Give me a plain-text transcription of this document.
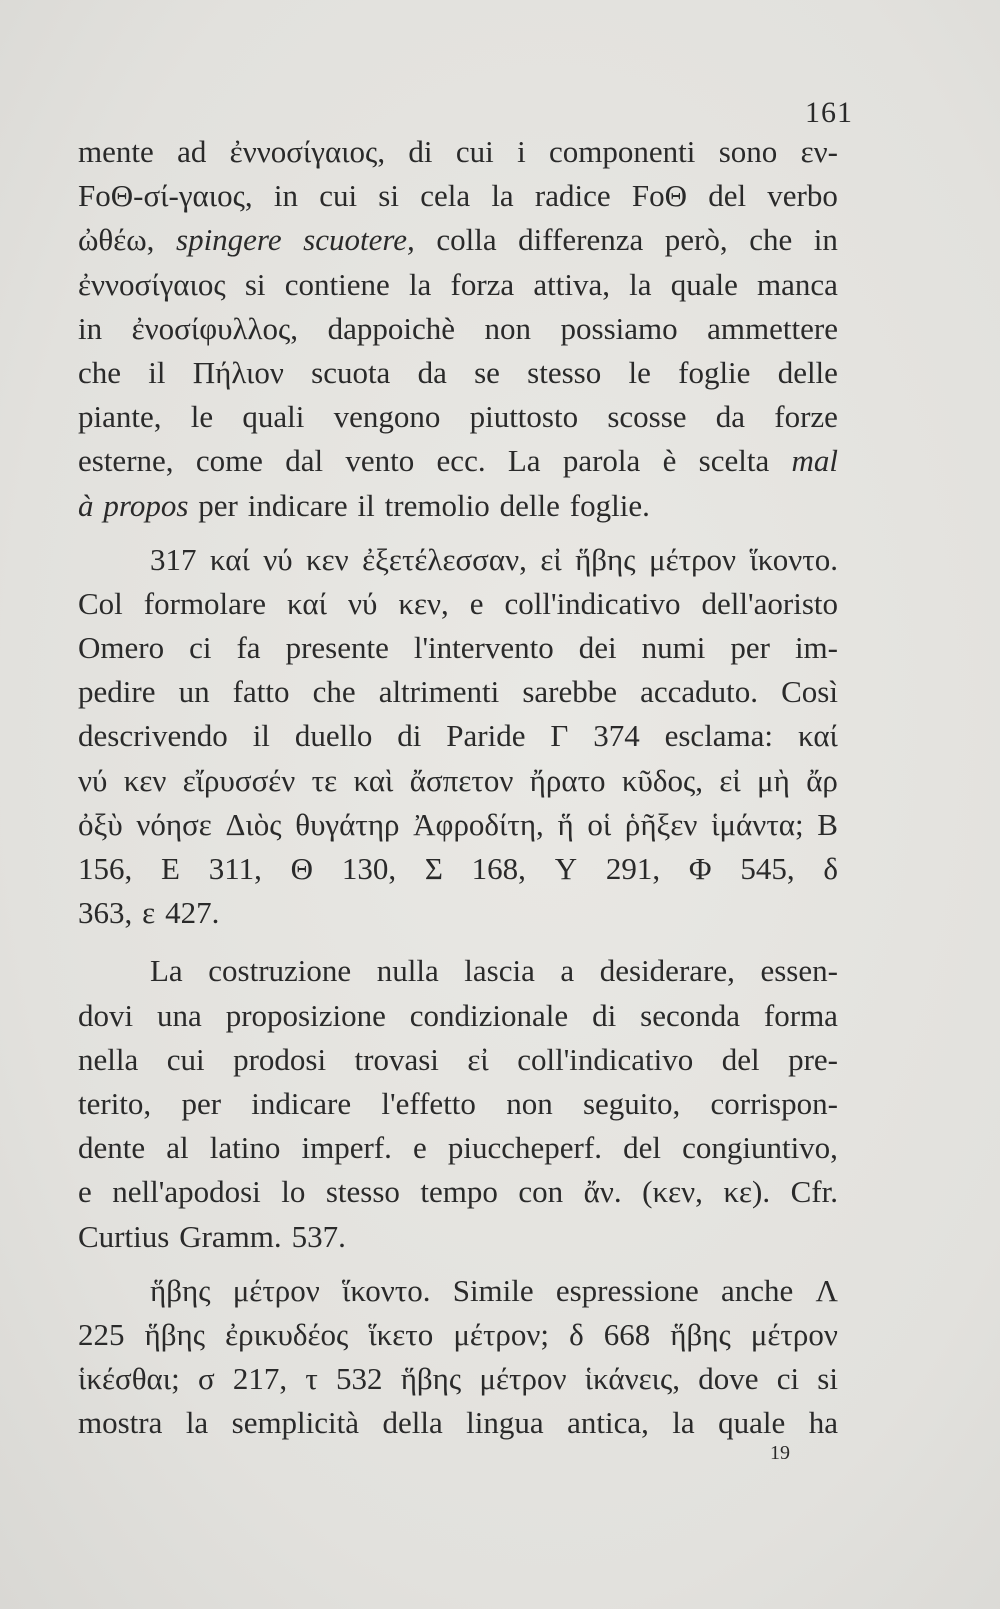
161
mente ad ἐννοσίγαιος, di cui i componenti sono εν-
FoΘ-σί-γαιος, in cui si cela la radice FoΘ del verbo
ὠθέω, spingere scuotere, colla differenza però, che in
ἐννοσίγαιος si contiene la forza attiva, la quale manca
in ἐνοσίφυλλος, dappoichè non possiamo ammettere
che il Πήλιον scuota da se stesso le foglie delle
piante, le quali vengono piuttosto scosse da forze
esterne, come dal vento ecc. La parola è scelta mal
à propos per indicare il tremolio delle foglie.
317 καί νύ κεν ἐξετέλεσσαν, εἰ ἥβης μέτρον ἵκοντο.
Col formolare καί νύ κεν, e coll'indicativo dell'aoristo
Omero ci fa presente l'intervento dei numi per im-
pedire un fatto che altrimenti sarebbe accaduto. Così
descrivendo il duello di Paride Γ 374 esclama: καί
νύ κεν εἴρυσσέν τε καὶ ἄσπετον ἤρατο κῦδος, εἰ μὴ ἄρ
ὀξὺ νόησε Διὸς θυγάτηρ Ἀφροδίτη, ἥ οἱ ῥῆξεν ἱμάντα; B
156, E 311, Θ 130, Σ 168, Υ 291, Φ 545, δ
363, ε 427.
La costruzione nulla lascia a desiderare, essen-
dovi una proposizione condizionale di seconda forma
nella cui prodosi trovasi εἰ coll'indicativo del pre-
terito, per indicare l'effetto non seguito, corrispon-
dente al latino imperf. e piuccheperf. del congiuntivo,
e nell'apodosi lo stesso tempo con ἄν. (κεν, κε). Cfr.
Curtius Gramm. 537.
ἥβης μέτρον ἵκοντο. Simile espressione anche Λ
225 ἥβης ἐρικυδέος ἵκετο μέτρον; δ 668 ἥβης μέτρον
ἱκέσθαι; σ 217, τ 532 ἥβης μέτρον ἱκάνεις, dove ci si
mostra la semplicità della lingua antica, la quale ha
19
